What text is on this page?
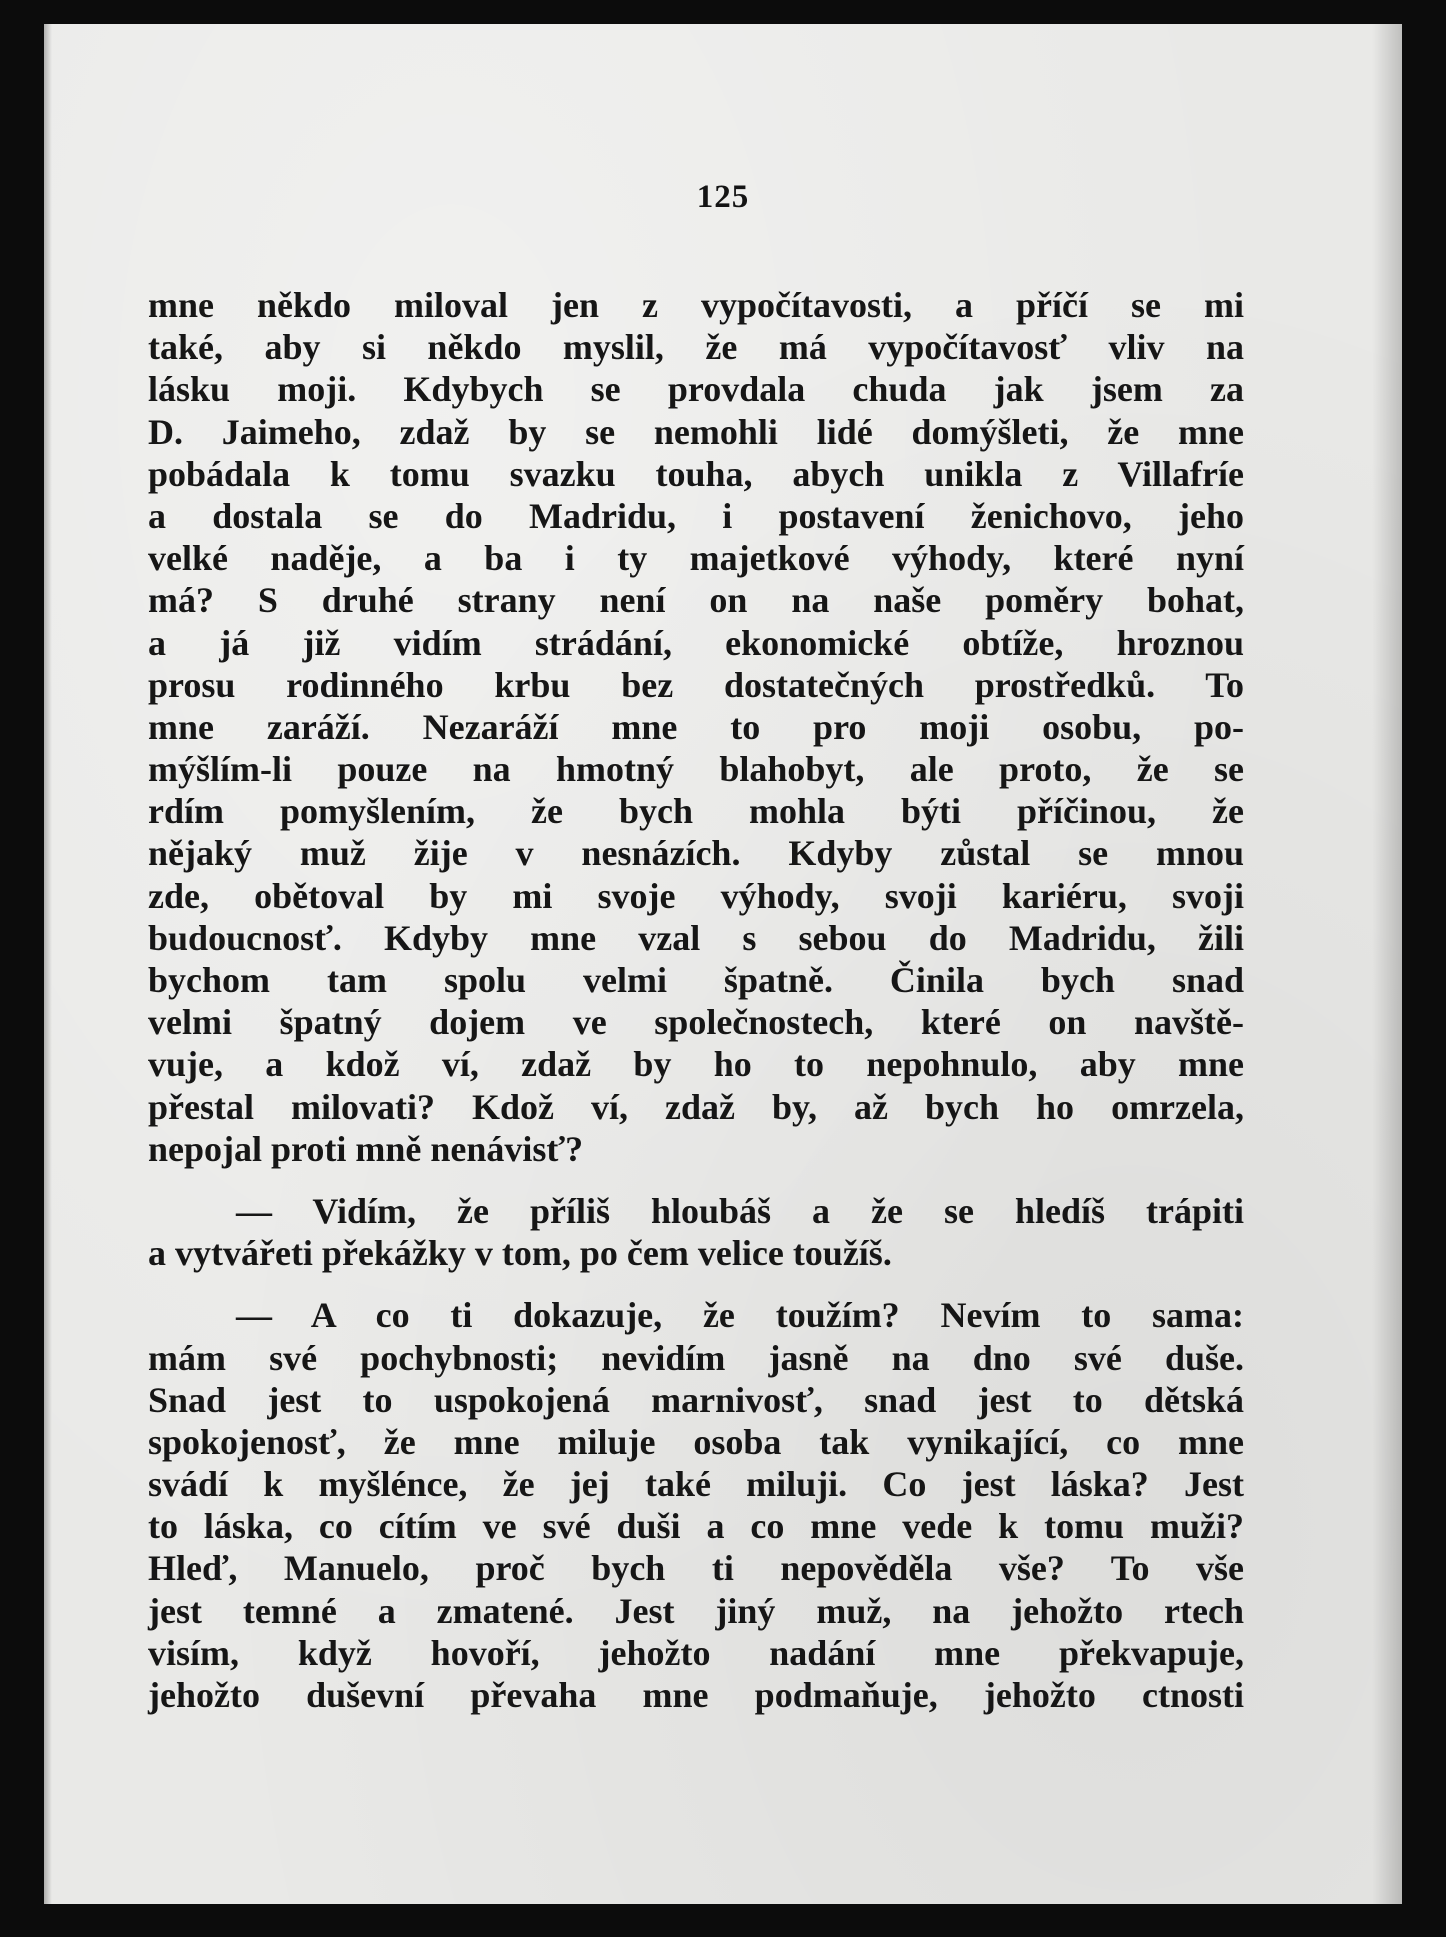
125
mne někdo miloval jen z vypočítavosti, a příčí se mi
také, aby si někdo myslil, že má vypočítavosť vliv na
lásku moji. Kdybych se provdala chuda jak jsem za
D. Jaimeho, zdaž by se nemohli lidé domýšleti, že mne
pobádala k tomu svazku touha, abych unikla z Villafríe
a dostala se do Madridu, i postavení ženichovo, jeho
velké naděje, a ba i ty majetkové výhody, které nyní
má? S druhé strany není on na naše poměry bohat,
a já již vidím strádání, ekonomické obtíže, hroznou
prosu rodinného krbu bez dostatečných prostředků. To
mne zaráží. Nezaráží mne to pro moji osobu, po-
mýšlím-li pouze na hmotný blahobyt, ale proto, že se
rdím pomyšlením, že bych mohla býti příčinou, že
nějaký muž žije v nesnázích. Kdyby zůstal se mnou
zde, obětoval by mi svoje výhody, svoji kariéru, svoji
budoucnosť. Kdyby mne vzal s sebou do Madridu, žili
bychom tam spolu velmi špatně. Činila bych snad
velmi špatný dojem ve společnostech, které on navště-
vuje, a kdož ví, zdaž by ho to nepohnulo, aby mne
přestal milovati? Kdož ví, zdaž by, až bych ho omrzela,
nepojal proti mně nenávisť?
— Vidím, že příliš hloubáš a že se hledíš trápiti
a vytvářeti překážky v tom, po čem velice toužíš.
— A co ti dokazuje, že toužím? Nevím to sama:
mám své pochybnosti; nevidím jasně na dno své duše.
Snad jest to uspokojená marnivosť, snad jest to dětská
spokojenosť, že mne miluje osoba tak vynikající, co mne
svádí k myšlénce, že jej také miluji. Co jest láska? Jest
to láska, co cítím ve své duši a co mne vede k tomu muži?
Hleď, Manuelo, proč bych ti nepověděla vše? To vše
jest temné a zmatené. Jest jiný muž, na jehožto rtech
visím, když hovoří, jehožto nadání mne překvapuje,
jehožto duševní převaha mne podmaňuje, jehožto ctnosti
